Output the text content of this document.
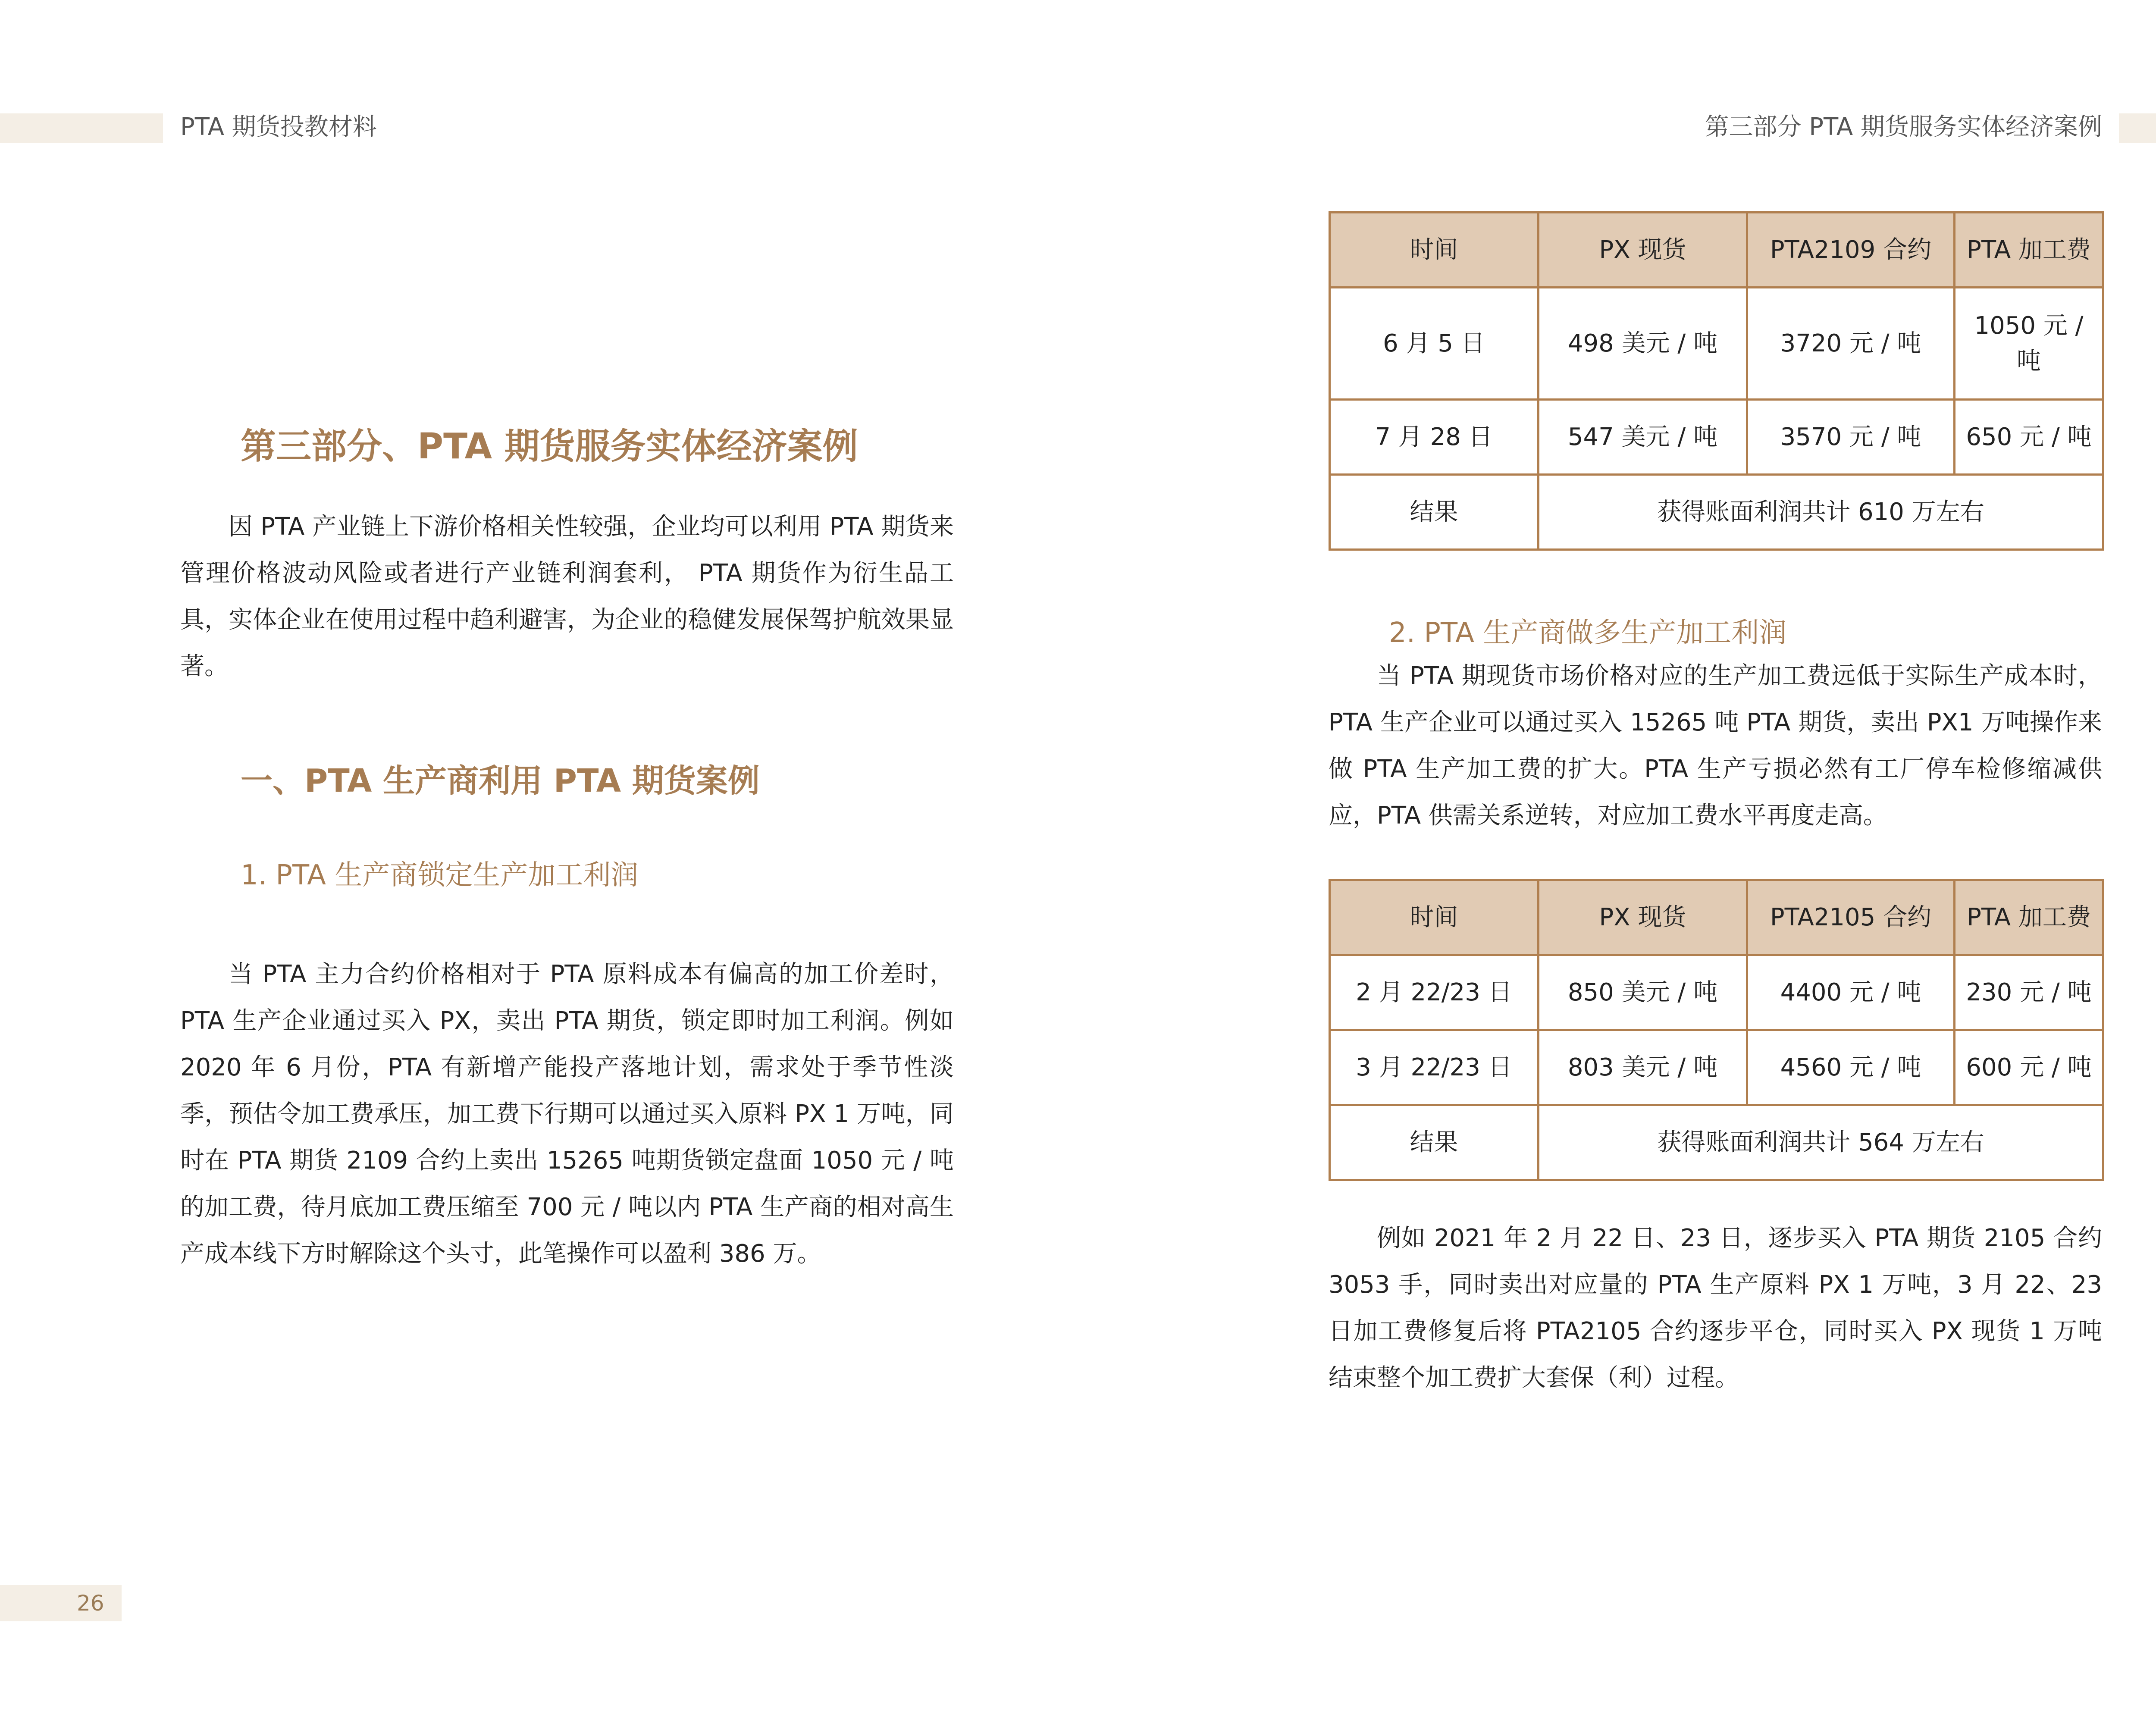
PTA 期货投教材料	第三部分 PTA 期货服务实体经济案例
第三部分、PTA 期货服务实体经济案例

因 PTA 产业链上下游价格相关性较强，企业均可以利用 PTA 期货来管理价格波动风险或者进行产业链利润套利， PTA 期货作为衍生品工具，实体企业在使用过程中趋利避害，为企业的稳健发展保驾护航效果显著。

一、PTA 生产商利用 PTA 期货案例
1. PTA 生产商锁定生产加工利润

当 PTA 主力合约价格相对于 PTA 原料成本有偏高的加工价差时，PTA 生产企业通过买入 PX，卖出 PTA 期货，锁定即时加工利润。例如 2020 年 6 月份，PTA 有新增产能投产落地计划，需求处于季节性淡季，预估令加工费承压，加工费下行期可以通过买入原料 PX 1 万吨，同时在 PTA 期货 2109 合约上卖出 15265 吨期货锁定盘面 1050 元 / 吨的加工费，待月底加工费压缩至 700 元 / 吨以内 PTA 生产商的相对高生产成本线下方时解除这个头寸，此笔操作可以盈利 386 万。

时间	PX 现货	PTA2109 合约	PTA 加工费
6 月 5 日	498 美元 / 吨	3720 元 / 吨	1050 元 / 吨
7 月 28 日	547 美元 / 吨	3570 元 / 吨	650 元 / 吨
结果	获得账面利润共计 610 万左右		
2. PTA 生产商做多生产加工利润

当 PTA 期现货市场价格对应的生产加工费远低于实际生产成本时，PTA 生产企业可以通过买入 15265 吨 PTA 期货，卖出 PX1 万吨操作来做 PTA 生产加工费的扩大。PTA 生产亏损必然有工厂停车检修缩减供应，PTA 供需关系逆转，对应加工费水平再度走高。

时间	PX 现货	PTA2105 合约	PTA 加工费
2 月 22/23 日	850 美元 / 吨	4400 元 / 吨	230 元 / 吨
3 月 22/23 日	803 美元 / 吨	4560 元 / 吨	600 元 / 吨
结果	获得账面利润共计 564 万左右		

例如 2021 年 2 月 22 日、23 日，逐步买入 PTA 期货 2105 合约 3053 手，同时卖出对应量的 PTA 生产原料 PX 1 万吨，3 月 22、23 日加工费修复后将 PTA2105 合约逐步平仓，同时买入 PX 现货 1 万吨结束整个加工费扩大套保（利）过程。

26
